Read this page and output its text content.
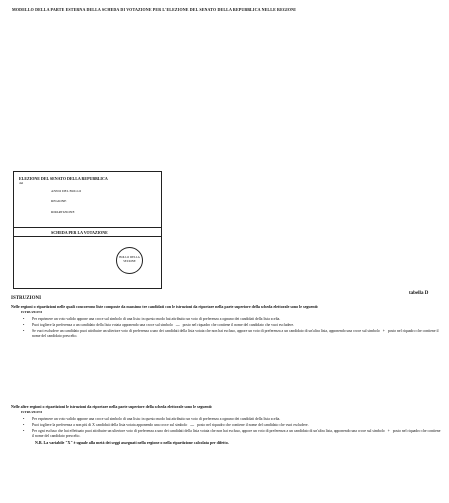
MODELLO DELLA PARTE ESTERNA DELLA SCHEDA DI VOTAZIONE PER L'ELEZIONE DEL SENATO DELLA REPUBBLICA NELLE REGIONI
ELEZIONE DEL SENATO DELLA REPUBBLICA
del
ANNO DEL BOLLO
REGIONE
RIPARTIZIONE
SCHEDA PER LA VOTAZIONE
BOLLO DELLA SEZIONE
tabella D
ISTRUZIONI
Nelle regioni o ripartizioni nelle quali concorrono liste composte da massimo tre candidati con le istruzioni da riportare nella parte superiore della scheda elettorale sono le seguenti:
ISTRUZIONI
• Per esprimere un voto valido appone una croce sul simbolo di una lista: in questo modo hai attribuito un voto di preferenza a ognuno dei candidati della lista scelta.
• Puoi togliere la preferenza a un candidato della lista votata apponendo una croce sul simbolo — posto nel riquadro che contiene il nome del candidato che vuoi escludere.
• Se vuoi escludere un candidato puoi attribuire un ulteriore voto di preferenza a uno dei candidati della lista votata che non hai escluso, appore un voto di preferenza a un candidato di un'altra lista, apponendo una croce sul simbolo + posto nel riquadro che contiene il nome del candidato prescelto.
Nelle altre regioni o ripartizioni le istruzioni da riportare nella parte superiore della scheda elettorale sono le seguenti:
ISTRUZIONI
• Per esprimere un voto valido appone una croce sul simbolo di una lista: in questo modo hai attribuito un voto di preferenza a ognuno dei candidati della lista scelta.
• Puoi togliere la preferenza a non più di X candidati della lista votata apponendo una croce sul simbolo — posto nel riquadro che contiene il nome del candidato che vuoi escludere.
• Per ogni escluso che hai effettuato puoi attribuire un ulteriore voto di preferenza a uno dei candidati della lista votata che non hai escluso, appore un voto di preferenza a un candidato di un'altra lista, apponendo una croce sul simbolo + posto nel riquadro che contiene il nome del candidato prescelto.
N.B. La variabile "X" è uguale alla metà dei seggi assegnati nella regione o nella ripartizione calcolata per difetto.
